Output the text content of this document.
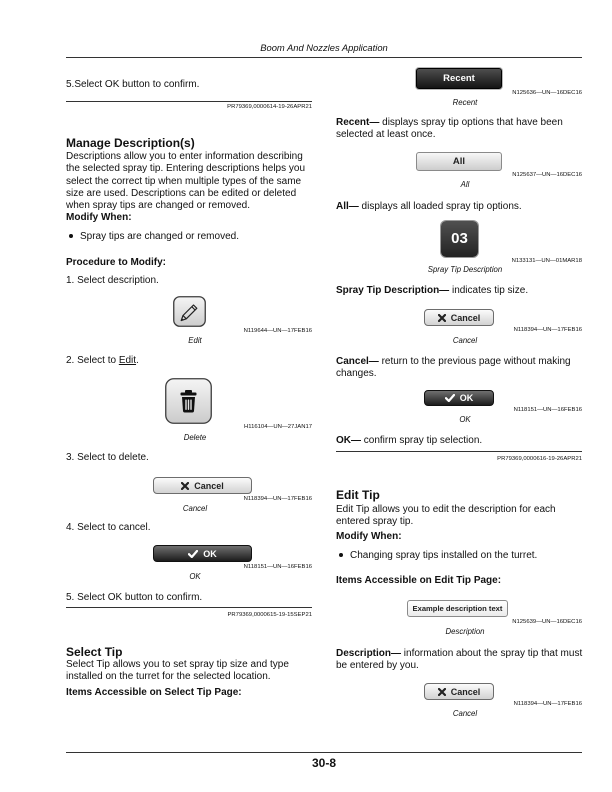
Boom And Nozzles Application
5.Select OK button to confirm.
PR79369,0000614-19-26APR21
Manage Description(s)
Descriptions allow you to enter information describing the selected spray tip. Entering descriptions helps you select the correct tip when multiple types of the same size are used. Descriptions can be edited or deleted when spray tips are changed or removed.
Modify When:
Spray tips are changed or removed.
Procedure to Modify:
1. Select description.
N119644—UN—17FEB16
Edit
2. Select to Edit.
H116104—UN—27JAN17
Delete
3. Select to delete.
Cancel
N118394—UN—17FEB16
Cancel
4. Select to cancel.
OK
N118151—UN—16FEB16
OK
5. Select OK button to confirm.
PR79369,0000615-19-15SEP21
Select Tip
Select Tip allows you to set spray tip size and type installed on the turret for the selected location.
Items Accessible on Select Tip Page:
Recent
N125636—UN—16DEC16
Recent
Recent— displays spray tip options that have been selected at least once.
All
N125637—UN—16DEC16
All
All— displays all loaded spray tip options.
03
N133131—UN—01MAR18
Spray Tip Description
Spray Tip Description— indicates tip size.
Cancel
N118394—UN—17FEB16
Cancel
Cancel— return to the previous page without making changes.
OK
N118151—UN—16FEB16
OK
OK— confirm spray tip selection.
PR79369,0000616-19-26APR21
Edit Tip
Edit Tip allows you to edit the description for each entered spray tip.
Modify When:
Changing spray tips installed on the turret.
Items Accessible on Edit Tip Page:
Example description text
N125639—UN—16DEC16
Description
Description— information about the spray tip that must be entered by you.
Cancel
N118394—UN—17FEB16
Cancel
30-8
